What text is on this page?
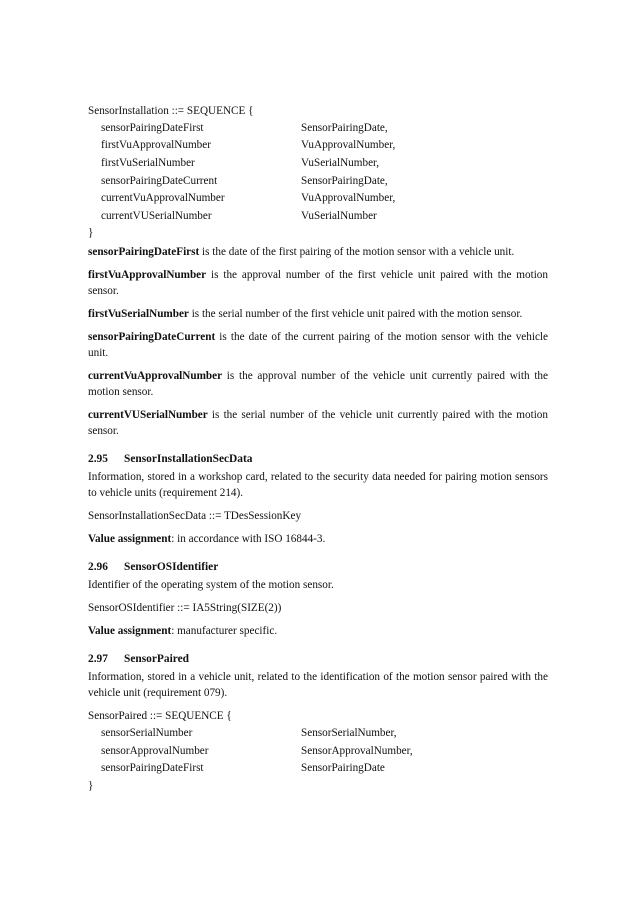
SensorInstallation ::= SEQUENCE {
sensorPairingDateFirst	SensorPairingDate,
firstVuApprovalNumber	VuApprovalNumber,
firstVuSerialNumber	VuSerialNumber,
sensorPairingDateCurrent	SensorPairingDate,
currentVuApprovalNumber	VuApprovalNumber,
currentVUSerialNumber	VuSerialNumber
}

sensorPairingDateFirst is the date of the first pairing of the motion sensor with a vehicle unit.

firstVuApprovalNumber is the approval number of the first vehicle unit paired with the motion sensor.

firstVuSerialNumber is the serial number of the first vehicle unit paired with the motion sensor.

sensorPairingDateCurrent is the date of the current pairing of the motion sensor with the vehicle unit.

currentVuApprovalNumber is the approval number of the vehicle unit currently paired with the motion sensor.

currentVUSerialNumber is the serial number of the vehicle unit currently paired with the motion sensor.

2.95	SensorInstallationSecData

Information, stored in a workshop card, related to the security data needed for pairing motion sensors to vehicle units (requirement 214).

SensorInstallationSecData ::= TDesSessionKey

Value assignment: in accordance with ISO 16844-3.

2.96	SensorOSIdentifier

Identifier of the operating system of the motion sensor.

SensorOSIdentifier ::= IA5String(SIZE(2))

Value assignment: manufacturer specific.

2.97	SensorPaired

Information, stored in a vehicle unit, related to the identification of the motion sensor paired with the vehicle unit (requirement 079).

SensorPaired ::= SEQUENCE {
sensorSerialNumber	SensorSerialNumber,
sensorApprovalNumber	SensorApprovalNumber,
sensorPairingDateFirst	SensorPairingDate
}
